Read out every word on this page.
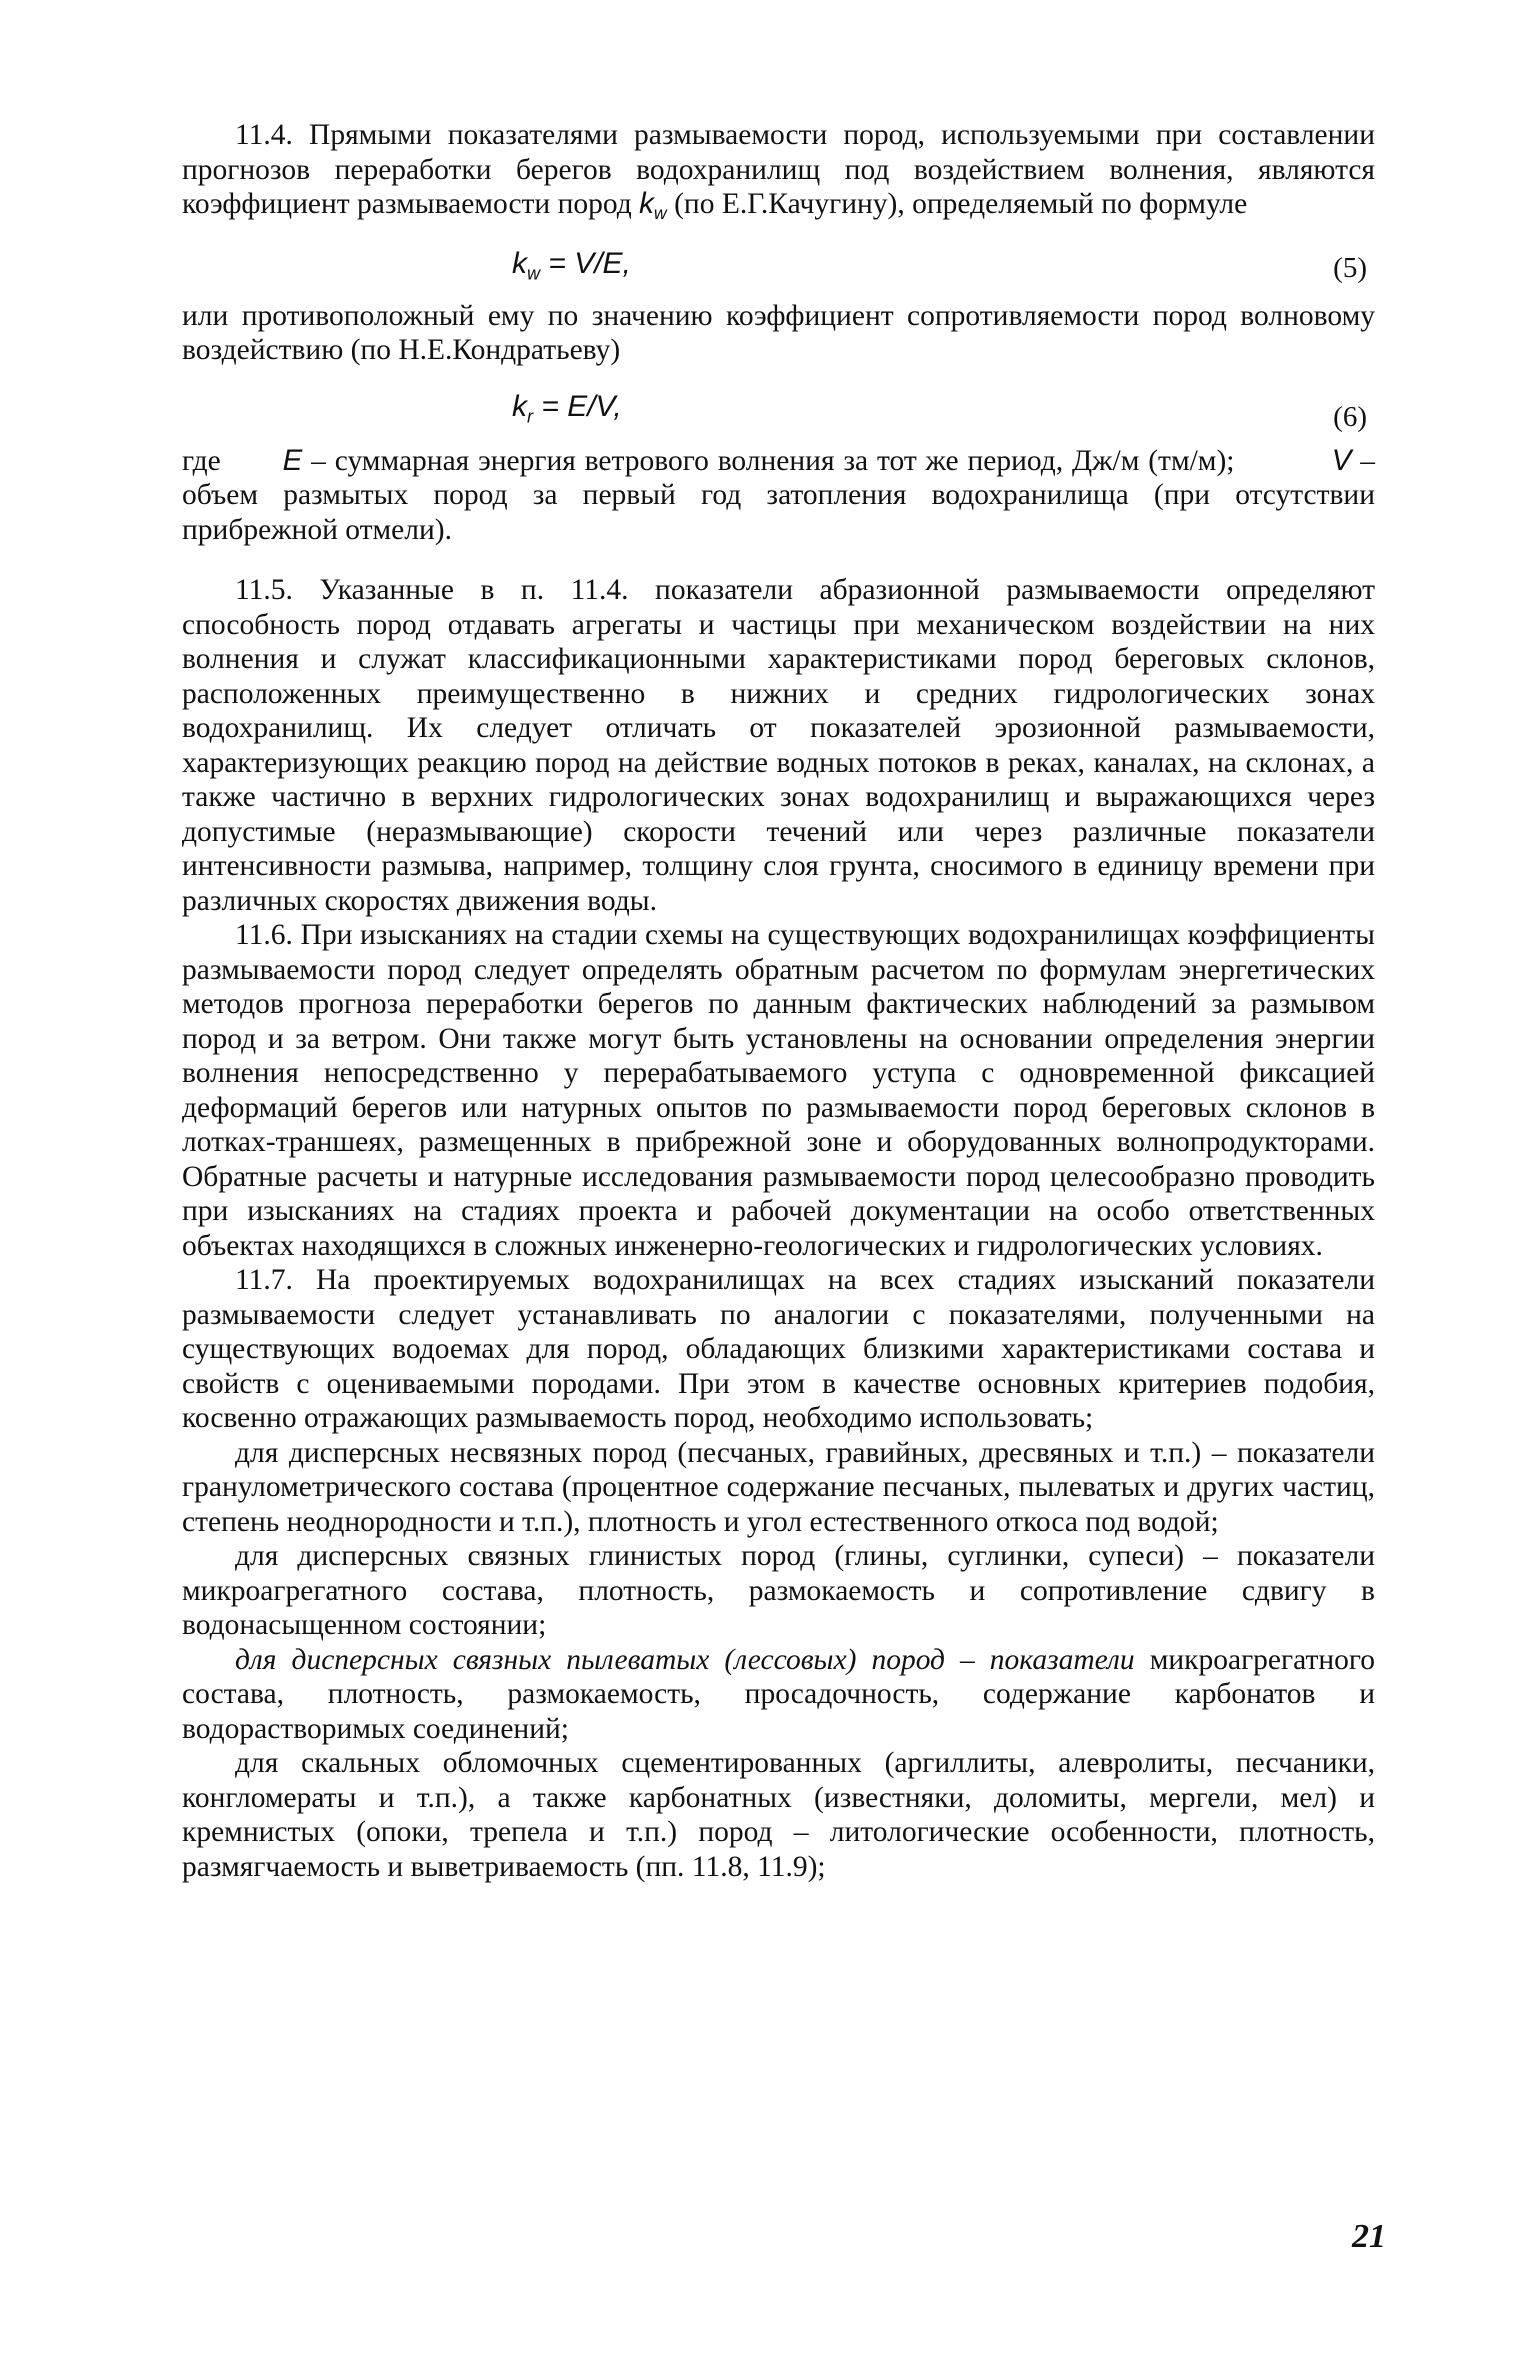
11.4. Прямыми показателями размываемости пород, используемыми при составлении прогнозов переработки берегов водохранилищ под воздействием волнения, являются коэффициент размываемости пород $k_w$ (по Е.Г.Качугину), определяемый по формуле

$k_w = V/E$,	(5)

или противоположный ему по значению коэффициент сопротивляемости пород волновому воздействию (по Н.Е.Кондратьеву)

$k_r = E/V$,	(6)

где E – суммарная энергия ветрового волнения за тот же период, Дж/м (тм/м);	V – объем размытых пород за первый год затопления водохранилища (при отсутствии прибрежной отмели).

11.5. Указанные в п. 11.4. показатели абразионной размываемости определяют способность пород отдавать агрегаты и частицы при механическом воздействии на них волнения и служат классификационными характеристиками пород береговых склонов, расположенных преимущественно в нижних и средних гидрологических зонах водохранилищ. Их следует отличать от показателей эрозионной размываемости, характеризующих реакцию пород на действие водных потоков в реках, каналах, на склонах, а также частично в верхних гидрологических зонах водохранилищ и выражающихся через допустимые (неразмывающие) скорости течений или через различные показатели интенсивности размыва, например, толщину слоя грунта, сносимого в единицу времени при различных скоростях движения воды.

11.6. При изысканиях на стадии схемы на существующих водохранилищах коэффициенты размываемости пород следует определять обратным расчетом по формулам энергетических методов прогноза переработки берегов по данным фактических наблюдений за размывом пород и за ветром. Они также могут быть установлены на основании определения энергии волнения непосредственно у перерабатываемого уступа с одновременной фиксацией деформаций берегов или натурных опытов по размываемости пород береговых склонов в лотках-траншеях, размещенных в прибрежной зоне и оборудованных волнопродукторами. Обратные расчеты и натурные исследования размываемости пород целесообразно проводить при изысканиях на стадиях проекта и рабочей документации на особо ответственных объектах находящихся в сложных инженерно-геологических и гидрологических условиях.

11.7. На проектируемых водохранилищах на всех стадиях изысканий показатели размываемости следует устанавливать по аналогии с показателями, полученными на существующих водоемах для пород, обладающих близкими характеристиками состава и свойств с оцениваемыми породами. При этом в качестве основных критериев подобия, косвенно отражающих размываемость пород, необходимо использовать;

для дисперсных несвязных пород (песчаных, гравийных, дресвяных и т.п.) – показатели гранулометрического состава (процентное содержание песчаных, пылеватых и других частиц, степень неоднородности и т.п.), плотность и угол естественного откоса под водой;

для дисперсных связных глинистых пород (глины, суглинки, супеси) – показатели микроагрегатного состава, плотность, размокаемость и сопротивление сдвигу в водонасыщенном состоянии;

для дисперсных связных пылеватых (лессовых) пород – показатели микроагрегатного состава, плотность, размокаемость, просадочность, содержание карбонатов и водорастворимых соединений;

для скальных обломочных сцементированных (аргиллиты, алевролиты, песчаники, конгломераты и т.п.), а также карбонатных (известняки, доломиты, мергели, мел) и кремнистых (опоки, трепела и т.п.) пород – литологические особенности, плотность, размягчаемость и выветриваемость (пп. 11.8, 11.9);

21
